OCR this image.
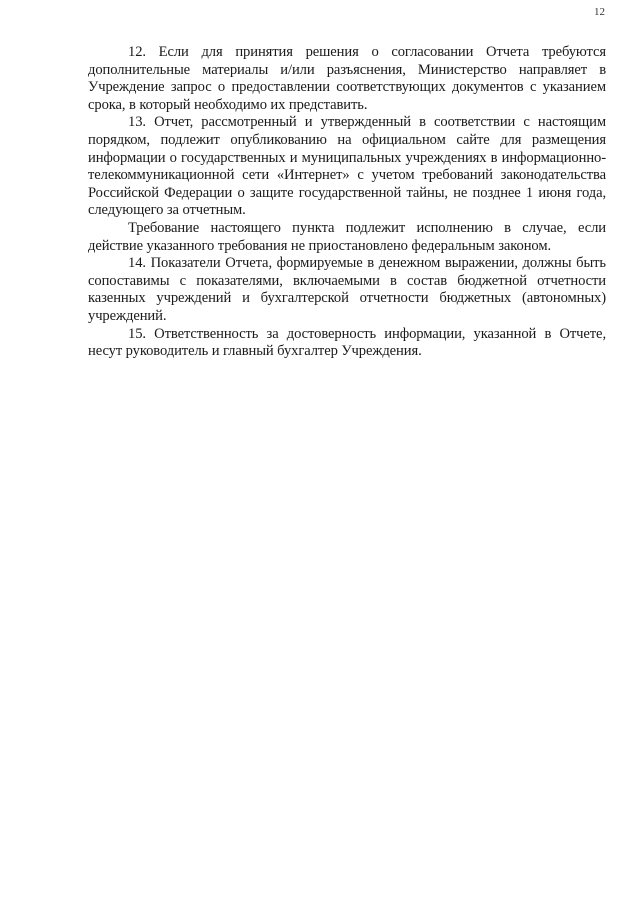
12

12. Если для принятия решения о согласовании Отчета требуются дополнительные материалы и/или разъяснения, Министерство направляет в Учреждение запрос о предоставлении соответствующих документов с указанием срока, в который необходимо их представить.

13. Отчет, рассмотренный и утвержденный в соответствии с настоящим порядком, подлежит опубликованию на официальном сайте для размещения информации о государственных и муниципальных учреждениях в информационно-телекоммуникационной сети «Интернет» с учетом требований законодательства Российской Федерации о защите государственной тайны, не позднее 1 июня года, следующего за отчетным.

Требование настоящего пункта подлежит исполнению в случае, если действие указанного требования не приостановлено федеральным законом.

14. Показатели Отчета, формируемые в денежном выражении, должны быть сопоставимы с показателями, включаемыми в состав бюджетной отчетности казенных учреждений и бухгалтерской отчетности бюджетных (автономных) учреждений.

15. Ответственность за достоверность информации, указанной в Отчете, несут руководитель и главный бухгалтер Учреждения.
